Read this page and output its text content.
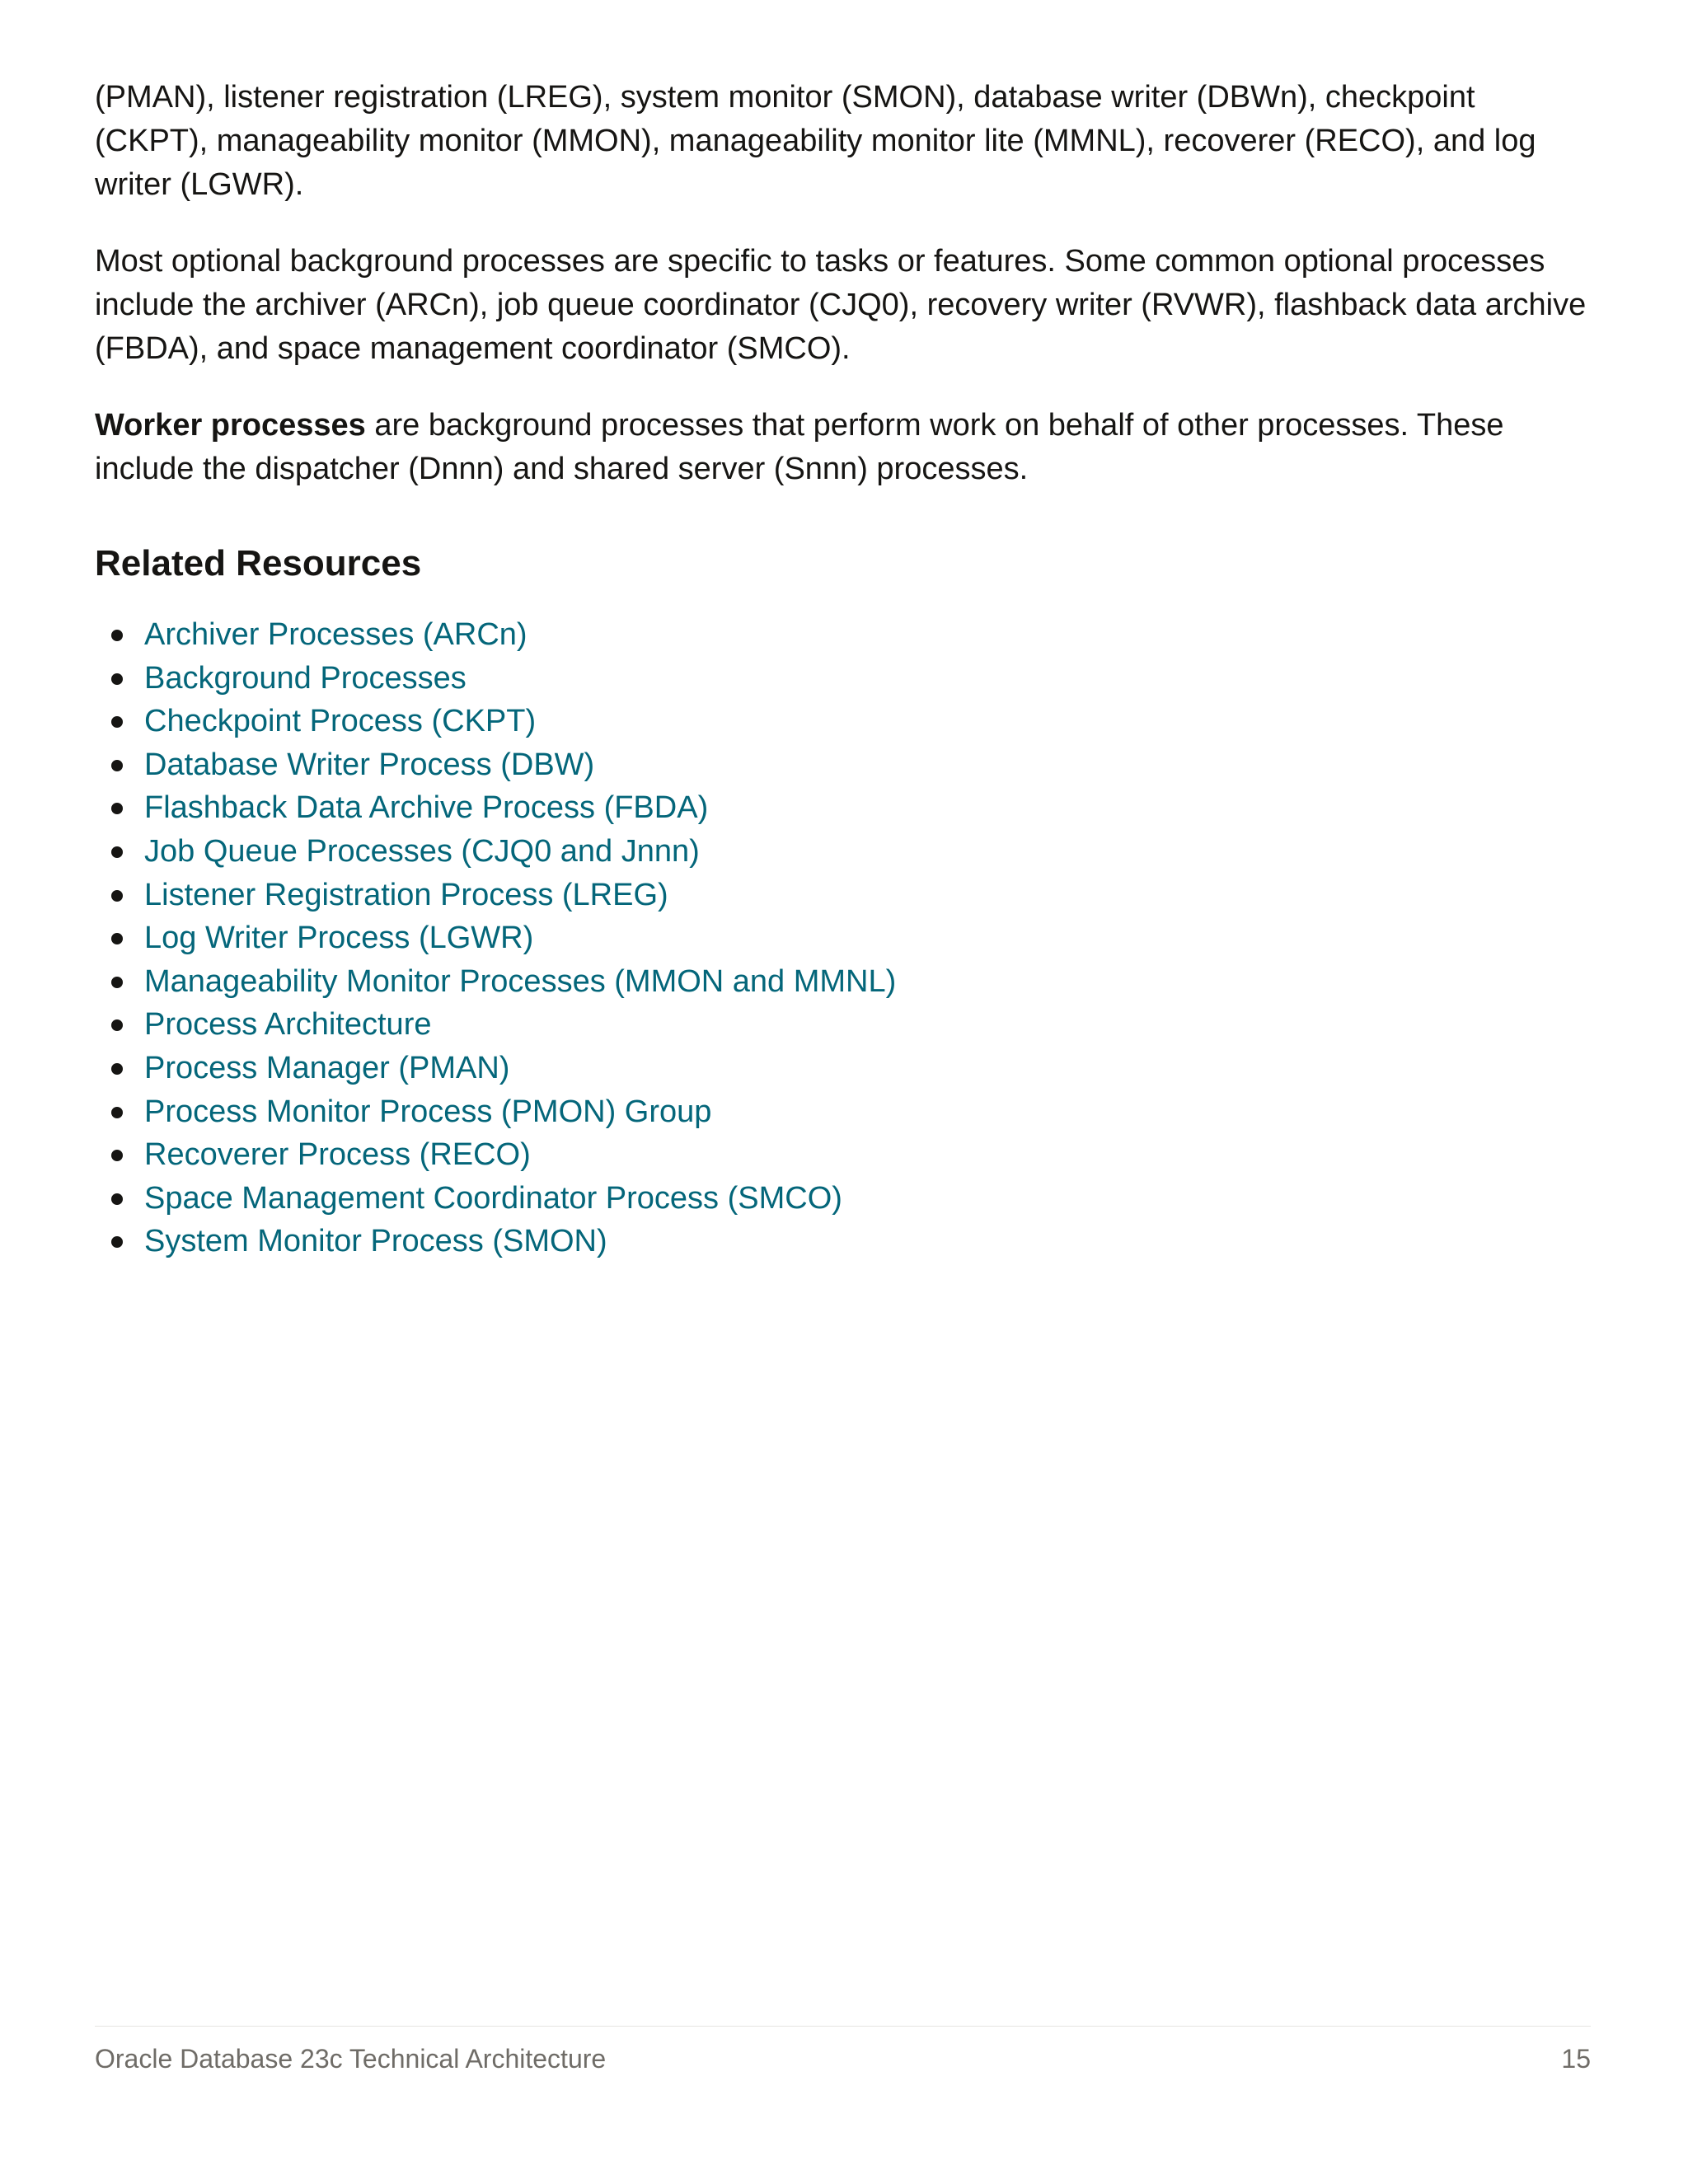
(PMAN), listener registration (LREG), system monitor (SMON), database writer (DBWn), checkpoint (CKPT), manageability monitor (MMON), manageability monitor lite (MMNL), recoverer (RECO), and log writer (LGWR).

Most optional background processes are specific to tasks or features. Some common optional processes include the archiver (ARCn), job queue coordinator (CJQ0), recovery writer (RVWR), flashback data archive (FBDA), and space management coordinator (SMCO).

Worker processes are background processes that perform work on behalf of other processes. These include the dispatcher (Dnnn) and shared server (Snnn) processes.

Related Resources
Archiver Processes (ARCn)
Background Processes
Checkpoint Process (CKPT)
Database Writer Process (DBW)
Flashback Data Archive Process (FBDA)
Job Queue Processes (CJQ0 and Jnnn)
Listener Registration Process (LREG)
Log Writer Process (LGWR)
Manageability Monitor Processes (MMON and MMNL)
Process Architecture
Process Manager (PMAN)
Process Monitor Process (PMON) Group
Recoverer Process (RECO)
Space Management Coordinator Process (SMCO)
System Monitor Process (SMON)
Oracle Database 23c Technical Architecture	15
